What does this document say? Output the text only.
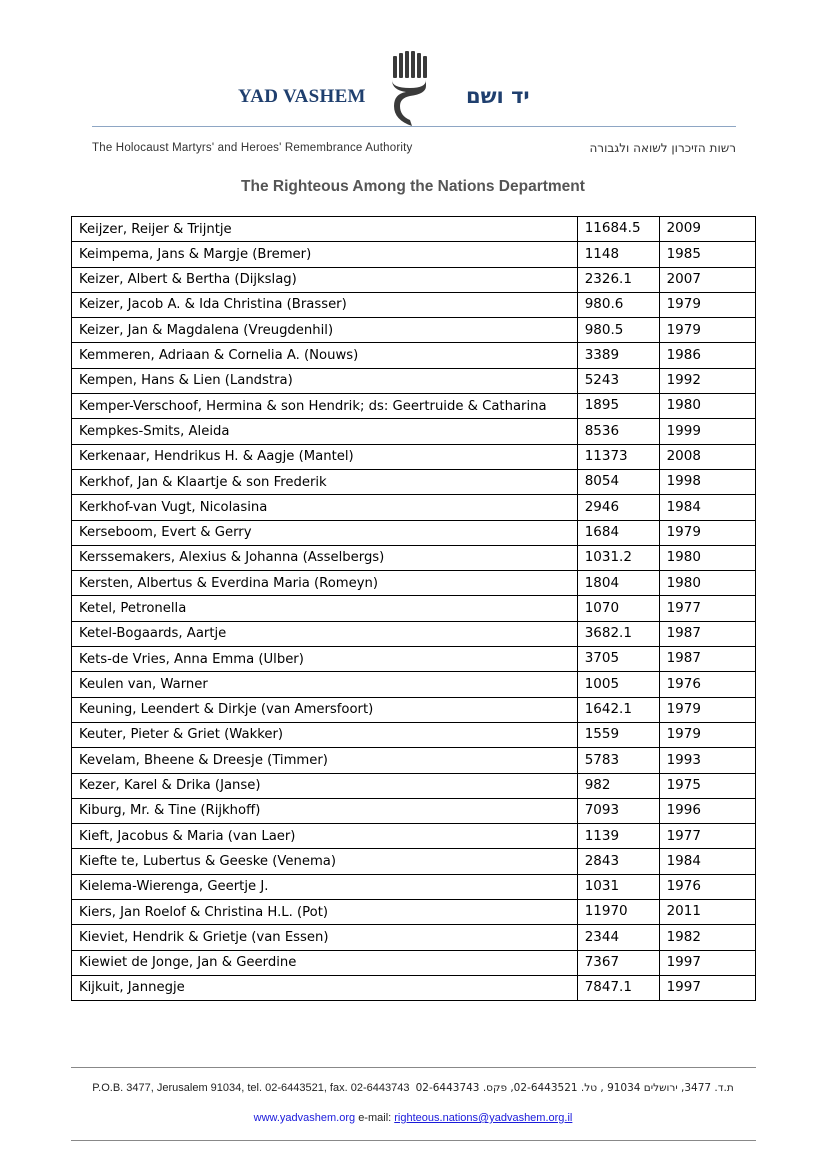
YAD VASHEM	יד ושם
The Holocaust Martyrs' and Heroes' Remembrance Authority	רשות הזיכרון לשואה ולגבורה
The Righteous Among the Nations Department
Keijzer, Reijer & Trijntje	11684.5	2009
Keimpema, Jans & Margje (Bremer)	1148	1985
Keizer, Albert & Bertha (Dijkslag)	2326.1	2007
Keizer, Jacob A. & Ida Christina (Brasser)	980.6	1979
Keizer, Jan & Magdalena (Vreugdenhil)	980.5	1979
Kemmeren, Adriaan & Cornelia A. (Nouws)	3389	1986
Kempen, Hans & Lien (Landstra)	5243	1992
Kemper-Verschoof, Hermina & son Hendrik; ds: Geertruide & Catharina	1895	1980
Kempkes-Smits, Aleida	8536	1999
Kerkenaar, Hendrikus H. & Aagje (Mantel)	11373	2008
Kerkhof, Jan & Klaartje & son Frederik	8054	1998
Kerkhof-van Vugt, Nicolasina	2946	1984
Kerseboom, Evert & Gerry	1684	1979
Kerssemakers, Alexius & Johanna (Asselbergs)	1031.2	1980
Kersten, Albertus & Everdina Maria (Romeyn)	1804	1980
Ketel, Petronella	1070	1977
Ketel-Bogaards, Aartje	3682.1	1987
Kets-de Vries, Anna Emma (Ulber)	3705	1987
Keulen van, Warner	1005	1976
Keuning, Leendert & Dirkje (van Amersfoort)	1642.1	1979
Keuter, Pieter & Griet (Wakker)	1559	1979
Kevelam, Bheene & Dreesje (Timmer)	5783	1993
Kezer, Karel & Drika (Janse)	982	1975
Kiburg, Mr. & Tine (Rijkhoff)	7093	1996
Kieft, Jacobus & Maria (van Laer)	1139	1977
Kiefte te, Lubertus & Geeske (Venema)	2843	1984
Kielema-Wierenga, Geertje J.	1031	1976
Kiers, Jan Roelof & Christina H.L. (Pot)	11970	2011
Kieviet, Hendrik & Grietje (van Essen)	2344	1982
Kiewiet de Jonge, Jan & Geerdine	7367	1997
Kijkuit, Jannegje	7847.1	1997
P.O.B. 3477, Jerusalem 91034, tel. 02-6443521, fax. 02-6443743 ת.ד. 3477, ירושלים 91034 , טל. 02-6443521, פקס. 02-6443743
www.yadvashem.org e-mail: righteous.nations@yadvashem.org.il
